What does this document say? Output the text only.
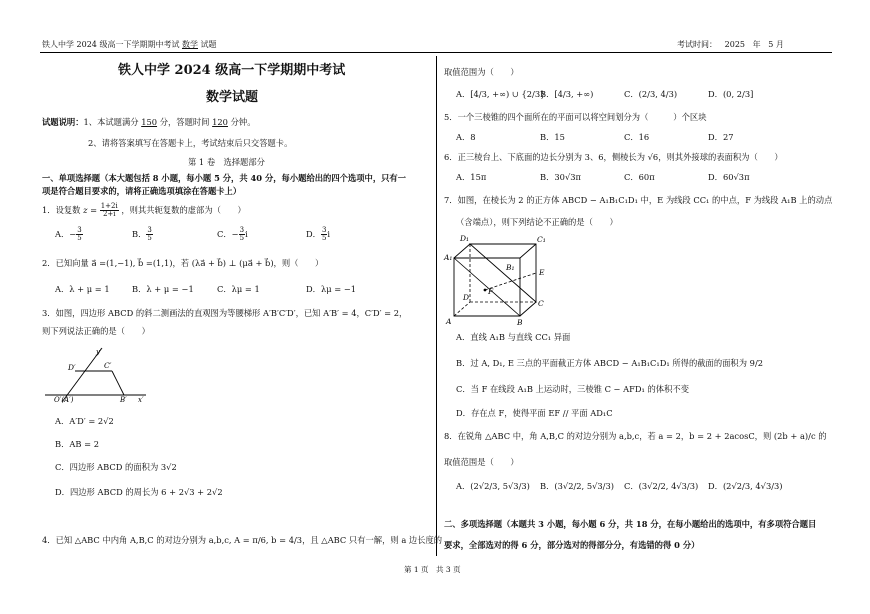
铁人中学 2024 级高一下学期期中考试 数学 试题	考试时间： 2025 年 5 月
铁人中学 2024 级高一下学期期中考试
数学试题
试题说明：1、本试题满分 150 分，答题时间 120 分钟。
2、请将答案填写在答题卡上，考试结束后只交答题卡。
第 1 卷　选择题部分
一、单项选择题（本大题包括 8 小题，每小题 5 分，共 40 分，每小题给出的四个选项中，只有一
项是符合题目要求的，请将正确选项填涂在答题卡上）
1．设复数 $z = \frac{1+2i}{2+i}$ ，则其共轭复数的虚部为（　　）
A．− $\frac{3}{5}$	B． $\frac{3}{5}$	C．− $\frac{3}{5}$ i	D． $\frac{3}{5}$ i
2．已知向量 a⃗ =(1,−1), b⃗ =(1,1)，若 (λa⃗ + b⃗) ⊥ (μa⃗ + b⃗)，则（　　）
A．λ + μ = 1	B．λ + μ = −1	C．λμ = 1	D．λμ = −1
3．如图，四边形 ABCD 的斜二测画法的直观图为等腰梯形 A′B′C′D′，已知 A′B′ = 4，C′D′ = 2，
则下列说法正确的是（　　）
y′
D′	C′
O′(A′)	B′ x′
A．A′D′ = 2√2
B．AB = 2
C．四边形 ABCD 的面积为 3√2
D．四边形 ABCD 的周长为 6 + 2√3 + 2√2
4．已知 △ABC 中内角 A,B,C 的对边分别为 a,b,c, A = π/6, b = 4/3，且 △ABC 只有一解，则 a 边长度的
取值范围为（　　）
A．[4/3, +∞) ∪ {2/3}
B．[4/3, +∞)	C．(2/3, 4/3)	D．(0, 2/3]
5．一个三棱锥的四个面所在的平面可以将空间划分为（　　　）个区块
A．8	B．15	C．16	D．27
6．正三棱台上、下底面的边长分别为 3、6，侧棱长为 √6，则其外接球的表面积为（　　）
A．15π	B．30√3π	C．60π	D．60√3π
7．如图，在棱长为 2 的正方体 ABCD − A₁B₁C₁D₁ 中，E 为线段 CC₁ 的中点，F 为线段 A₁B 上的动点
（含端点），则下列结论不正确的是（　　）
D₁	C₁
A₁
B₁
E
D
F
C
A	B
A．直线 A₁B 与直线 CC₁ 异面
B．过 A, D₁, E 三点的平面截正方体 ABCD − A₁B₁C₁D₁ 所得的截面的面积为 9/2
C．当 F 在线段 A₁B 上运动时，三棱锥 C − AFD₁ 的体积不变
D．存在点 F，使得平面 EF // 平面 AD₁C
8．在锐角 △ABC 中，角 A,B,C 的对边分别为 a,b,c，若 a = 2，b = 2 + 2acosC，则 (2b + a)/c 的
取值范围是（　　）
A．(2√2/3, 5√3/3) B．(3√2/2, 5√3/3) C．(3√2/2, 4√3/3) D．(2√2/3, 4√3/3)
二、多项选择题（本题共 3 小题，每小题 6 分，共 18 分，在每小题给出的选项中，有多项符合题目
要求，全部选对的得 6 分，部分选对的得部分分，有选错的得 0 分）
第 1 页　共 3 页
